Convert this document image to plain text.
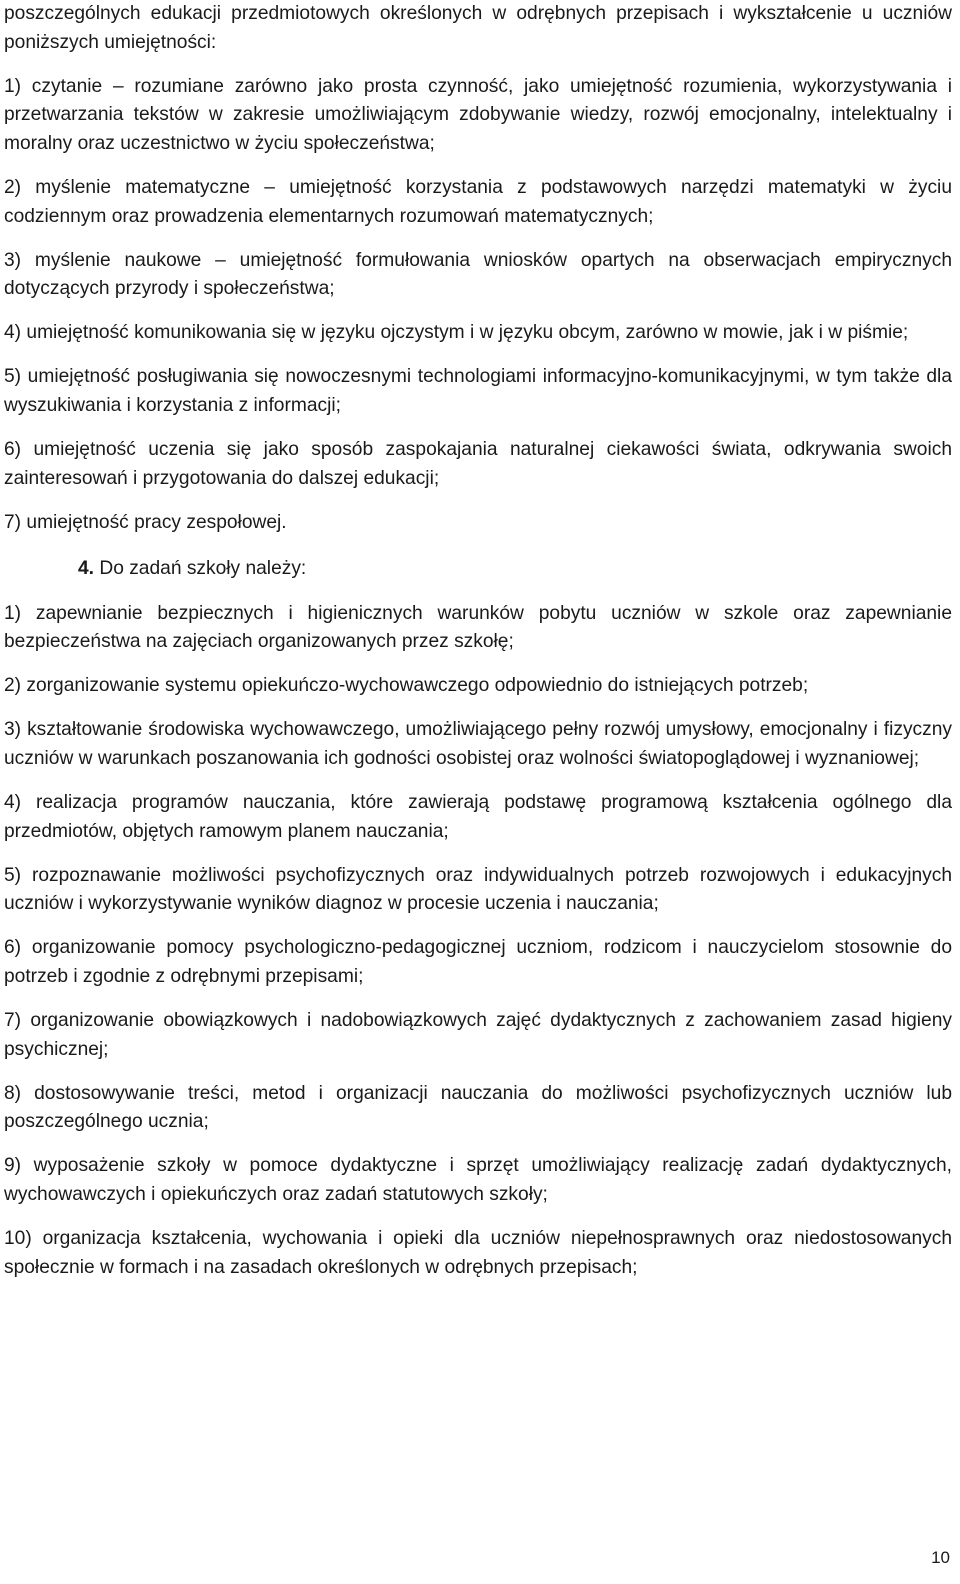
poszczególnych edukacji przedmiotowych określonych w odrębnych przepisach i wykształcenie u uczniów poniższych umiejętności:

1) czytanie – rozumiane zarówno jako prosta czynność, jako umiejętność rozumienia, wykorzystywania i przetwarzania tekstów w zakresie umożliwiającym zdobywanie wiedzy, rozwój emocjonalny, intelektualny i moralny oraz uczestnictwo w życiu społeczeństwa;

2) myślenie matematyczne – umiejętność korzystania z podstawowych narzędzi matematyki w życiu codziennym oraz prowadzenia elementarnych rozumowań matematycznych;

3) myślenie naukowe – umiejętność formułowania wniosków opartych na obserwacjach empirycznych dotyczących przyrody i społeczeństwa;

4) umiejętność komunikowania się w języku ojczystym i w języku obcym, zarówno w mowie, jak i w piśmie;

5) umiejętność posługiwania się nowoczesnymi technologiami informacyjno-komunikacyjnymi, w tym także dla wyszukiwania i korzystania z informacji;

6) umiejętność uczenia się jako sposób zaspokajania naturalnej ciekawości świata, odkrywania swoich zainteresowań i przygotowania do dalszej edukacji;

7) umiejętność pracy zespołowej.

4. Do zadań szkoły należy:

1) zapewnianie bezpiecznych i higienicznych warunków pobytu uczniów w szkole oraz zapewnianie bezpieczeństwa na zajęciach organizowanych przez szkołę;

2) zorganizowanie systemu opiekuńczo-wychowawczego odpowiednio do istniejących potrzeb;

3) kształtowanie środowiska wychowawczego, umożliwiającego pełny rozwój umysłowy, emocjonalny i fizyczny uczniów w warunkach poszanowania ich godności osobistej oraz wolności światopoglądowej i wyznaniowej;

4) realizacja programów nauczania, które zawierają podstawę programową kształcenia ogólnego dla przedmiotów, objętych ramowym planem nauczania;

5) rozpoznawanie możliwości psychofizycznych oraz indywidualnych potrzeb rozwojowych i edukacyjnych uczniów i wykorzystywanie wyników diagnoz w procesie uczenia i nauczania;

6) organizowanie pomocy psychologiczno-pedagogicznej uczniom, rodzicom i nauczycielom stosownie do potrzeb i zgodnie z odrębnymi przepisami;

7) organizowanie obowiązkowych i nadobowiązkowych zajęć dydaktycznych z zachowaniem zasad higieny psychicznej;

8) dostosowywanie treści, metod i organizacji nauczania do możliwości psychofizycznych uczniów lub poszczególnego ucznia;

9) wyposażenie szkoły w pomoce dydaktyczne i sprzęt umożliwiający realizację zadań dydaktycznych, wychowawczych i opiekuńczych oraz zadań statutowych szkoły;

10) organizacja kształcenia, wychowania i opieki dla uczniów niepełnosprawnych oraz niedostosowanych społecznie w formach i na zasadach określonych w odrębnych przepisach;

10
